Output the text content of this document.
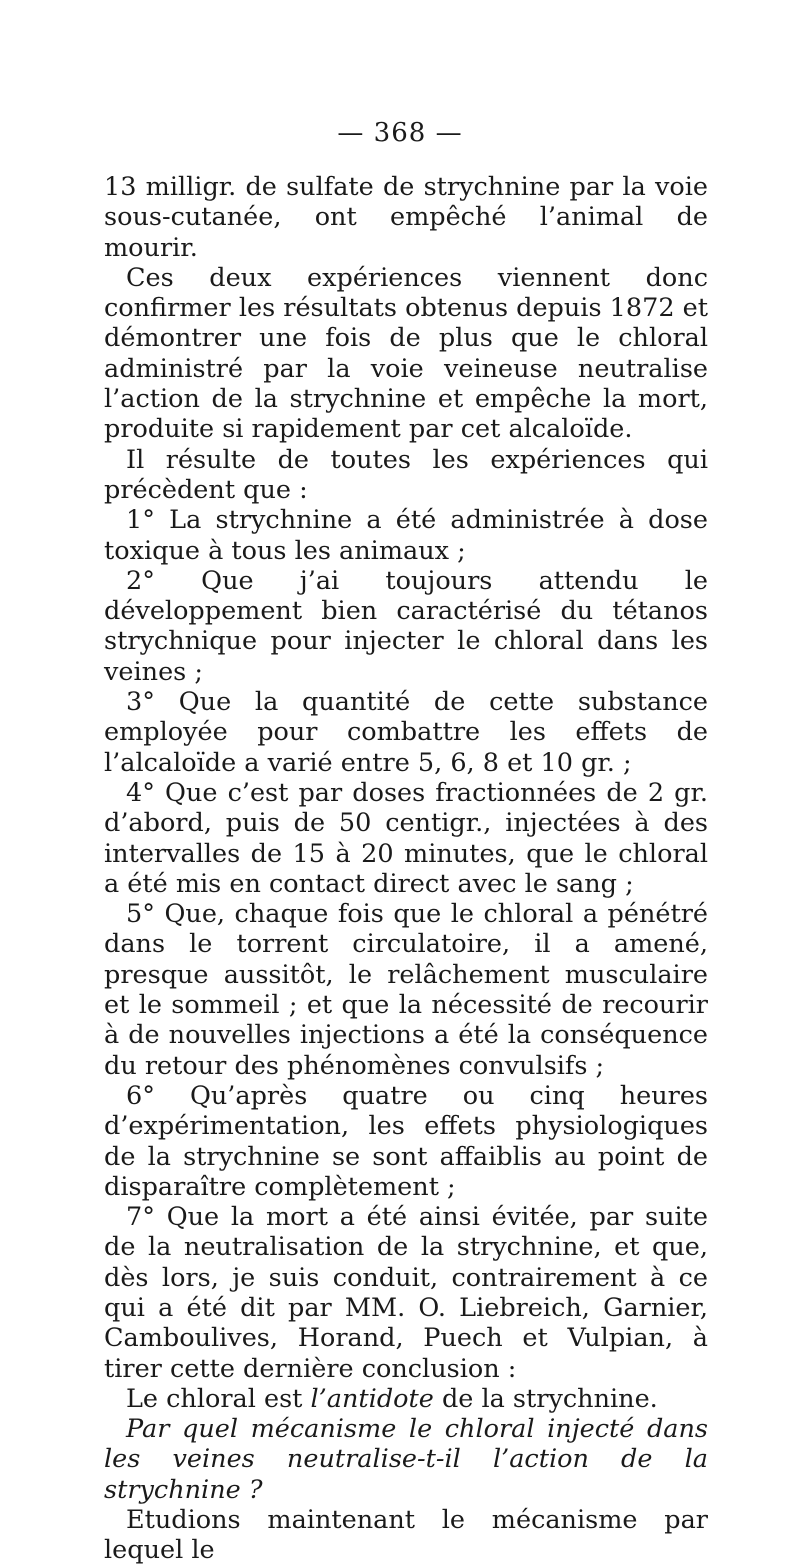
— 368 —

13 milligr. de sulfate de strychnine par la voie sous-cutanée, ont empêché l’animal de mourir.

Ces deux expériences viennent donc confirmer les résultats obtenus depuis 1872 et démontrer une fois de plus que le chloral administré par la voie veineuse neutralise l’action de la strychnine et empêche la mort, produite si rapidement par cet alcaloïde.

Il résulte de toutes les expériences qui précèdent que :

1° La strychnine a été administrée à dose toxique à tous les animaux ;

2° Que j’ai toujours attendu le développement bien caractérisé du tétanos strychnique pour injecter le chloral dans les veines ;

3° Que la quantité de cette substance employée pour combattre les effets de l’alcaloïde a varié entre 5, 6, 8 et 10 gr. ;

4° Que c’est par doses fractionnées de 2 gr. d’abord, puis de 50 centigr., injectées à des intervalles de 15 à 20 minutes, que le chloral a été mis en contact direct avec le sang ;

5° Que, chaque fois que le chloral a pénétré dans le torrent circulatoire, il a amené, presque aussitôt, le relâchement musculaire et le sommeil ; et que la nécessité de recourir à de nouvelles injections a été la conséquence du retour des phénomènes convulsifs ;

6° Qu’après quatre ou cinq heures d’expérimentation, les effets physiologiques de la strychnine se sont affaiblis au point de disparaître complètement ;

7° Que la mort a été ainsi évitée, par suite de la neutralisation de la strychnine, et que, dès lors, je suis conduit, contrairement à ce qui a été dit par MM. O. Liebreich, Garnier, Camboulives, Horand, Puech et Vulpian, à tirer cette dernière conclusion :

Le chloral est l’antidote de la strychnine.

Par quel mécanisme le chloral injecté dans les veines neutralise-t-il l’action de la strychnine ?

Etudions maintenant le mécanisme par lequel le
